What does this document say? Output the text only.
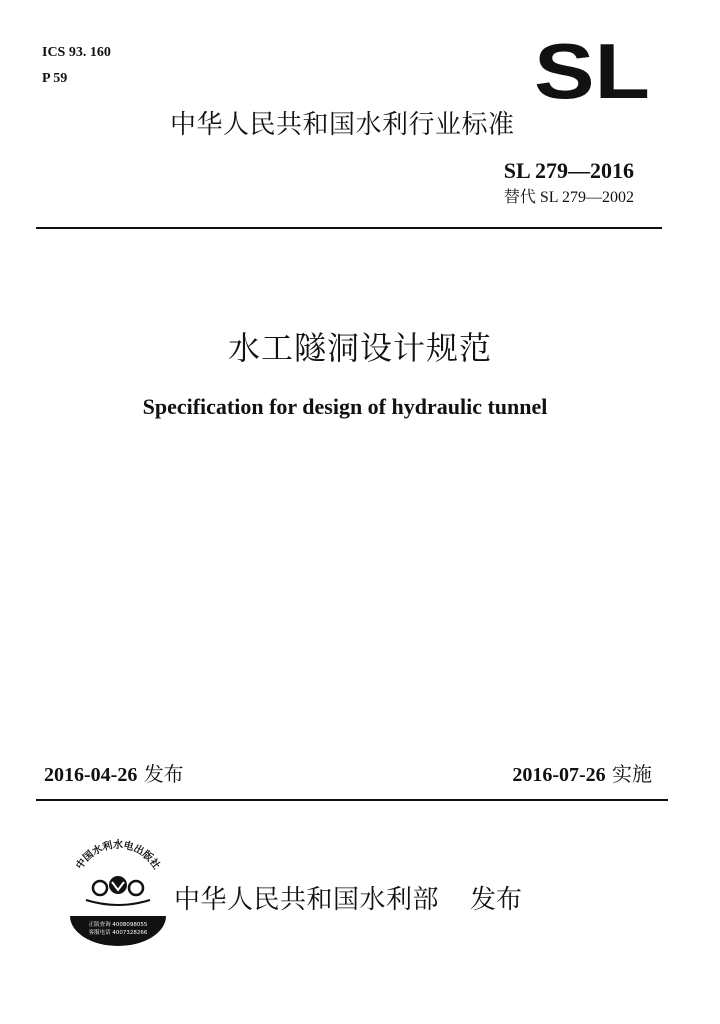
ICS 93. 160
P 59	SL
中华人民共和国水利行业标准
SL 279—2016
替代 SL 279—2002
水工隧洞设计规范
Specification for design of hydraulic tunnel
2016-04-26 发布	2016-07-26 实施
中国水利水电出版社
正版查询 4008098055
客服电话 4007328266
中华人民共和国水利部 发布
